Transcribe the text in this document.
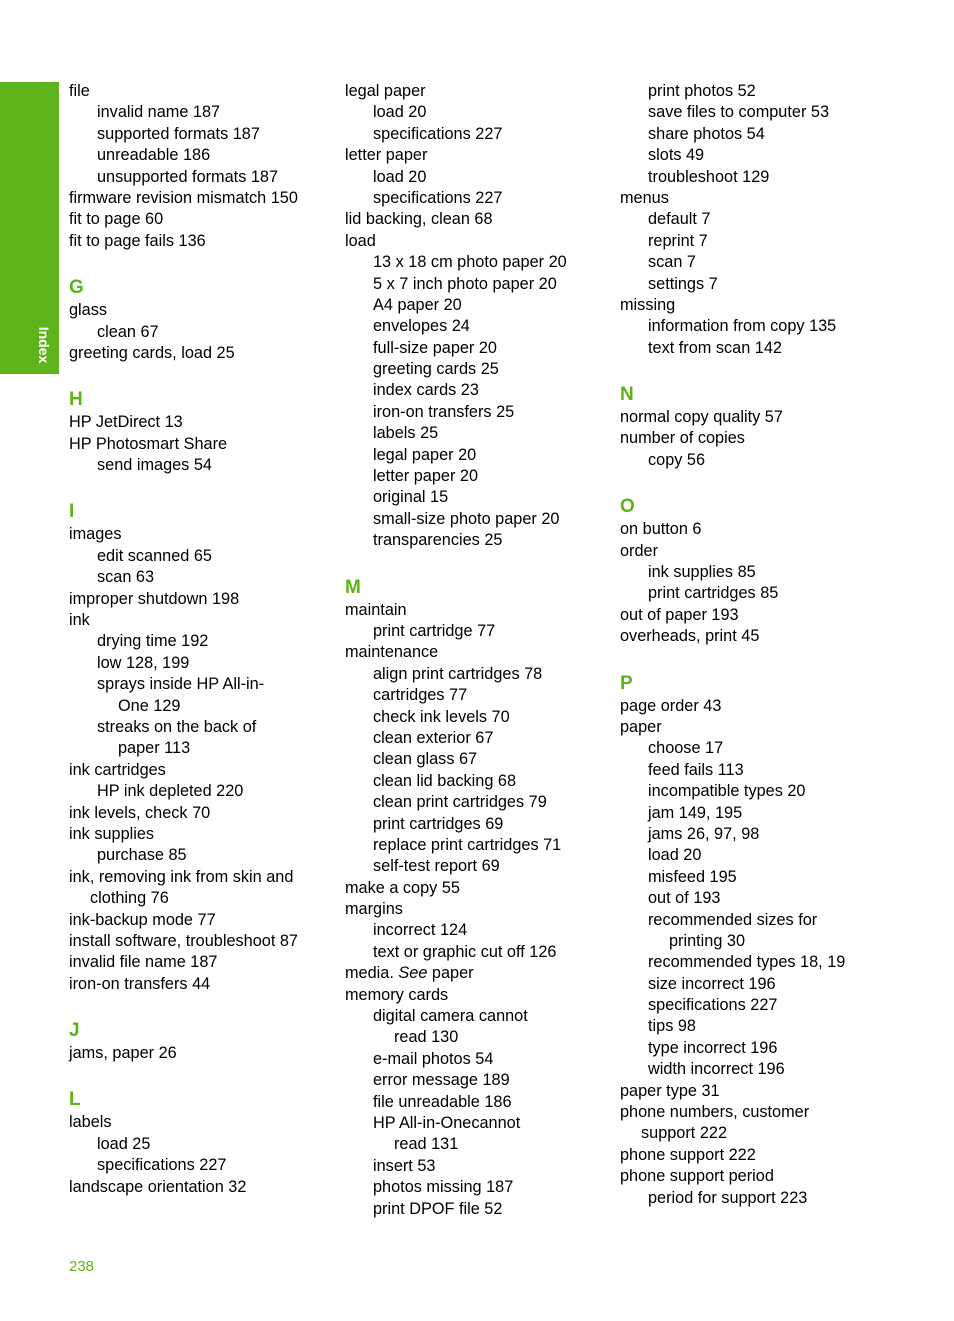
Index
file
invalid name 187
supported formats 187
unreadable 186
unsupported formats 187
firmware revision mismatch 150
fit to page 60
fit to page fails 136
G
glass
clean 67
greeting cards, load 25
H
HP JetDirect 13
HP Photosmart Share
send images 54
I
images
edit scanned 65
scan 63
improper shutdown 198
ink
drying time 192
low 128, 199
sprays inside HP All-in-
One 129
streaks on the back of
paper 113
ink cartridges
HP ink depleted 220
ink levels, check 70
ink supplies
purchase 85
ink, removing ink from skin and
clothing 76
ink-backup mode 77
install software, troubleshoot 87
invalid file name 187
iron-on transfers 44
J
jams, paper 26
L
labels
load 25
specifications 227
landscape orientation 32
legal paper
load 20
specifications 227
letter paper
load 20
specifications 227
lid backing, clean 68
load
13 x 18 cm photo paper 20
5 x 7 inch photo paper 20
A4 paper 20
envelopes 24
full-size paper 20
greeting cards 25
index cards 23
iron-on transfers 25
labels 25
legal paper 20
letter paper 20
original 15
small-size photo paper 20
transparencies 25
M
maintain
print cartridge 77
maintenance
align print cartridges 78
cartridges 77
check ink levels 70
clean exterior 67
clean glass 67
clean lid backing 68
clean print cartridges 79
print cartridges 69
replace print cartridges 71
self-test report 69
make a copy 55
margins
incorrect 124
text or graphic cut off 126
media. See paper
memory cards
digital camera cannot
read 130
e-mail photos 54
error message 189
file unreadable 186
HP All-in-Onecannot
read 131
insert 53
photos missing 187
print DPOF file 52
print photos 52
save files to computer 53
share photos 54
slots 49
troubleshoot 129
menus
default 7
reprint 7
scan 7
settings 7
missing
information from copy 135
text from scan 142
N
normal copy quality 57
number of copies
copy 56
O
on button 6
order
ink supplies 85
print cartridges 85
out of paper 193
overheads, print 45
P
page order 43
paper
choose 17
feed fails 113
incompatible types 20
jam 149, 195
jams 26, 97, 98
load 20
misfeed 195
out of 193
recommended sizes for
printing 30
recommended types 18, 19
size incorrect 196
specifications 227
tips 98
type incorrect 196
width incorrect 196
paper type 31
phone numbers, customer
support 222
phone support 222
phone support period
period for support 223
238
